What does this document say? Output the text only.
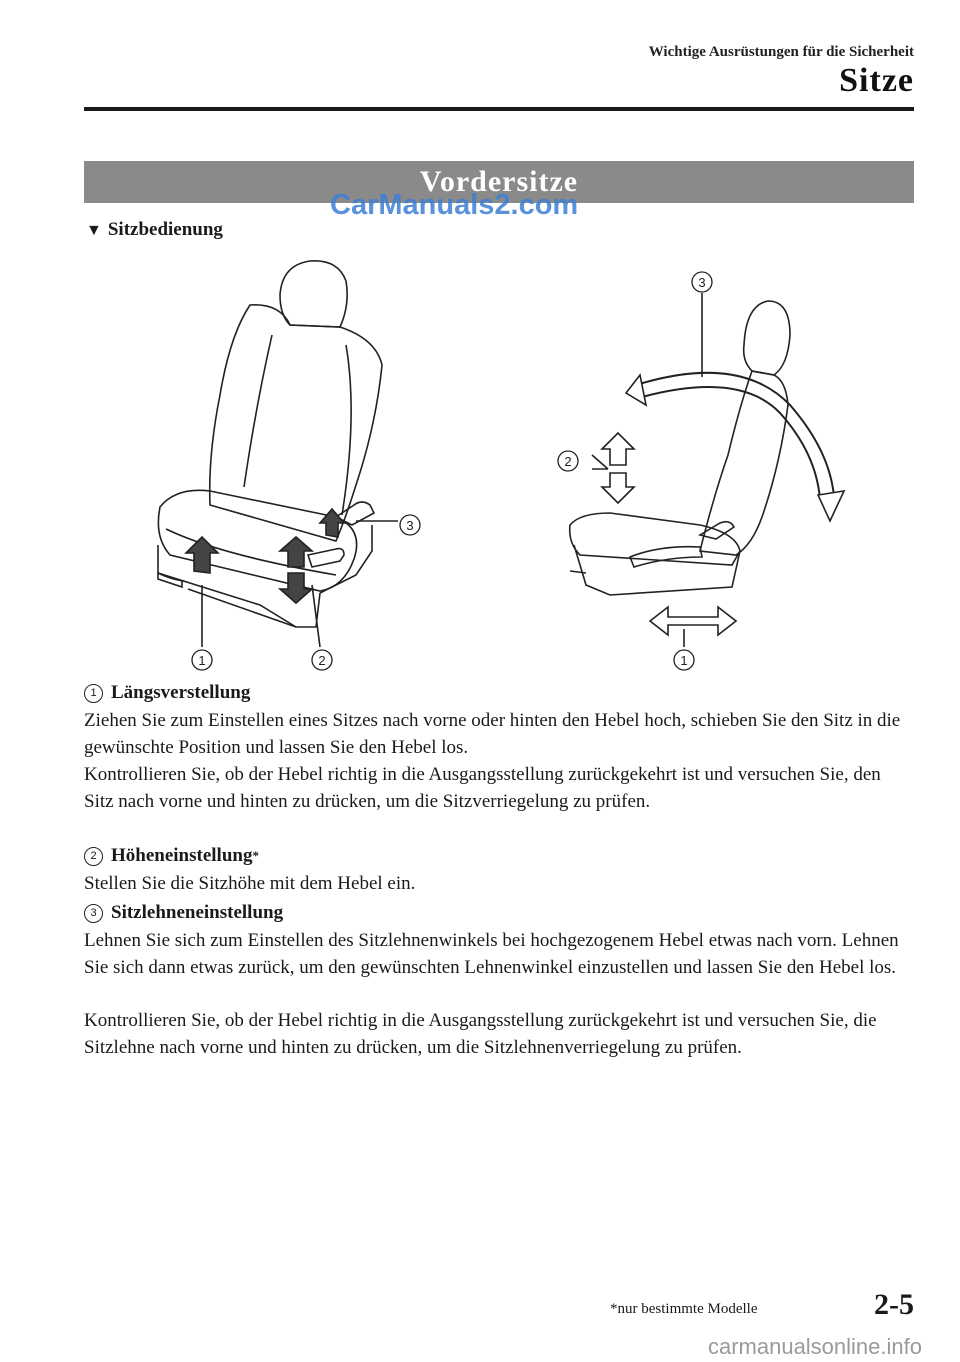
Wichtige Ausrüstungen für die Sicherheit
Sitze
Vordersitze
CarManuals2.com
▼ Sitzbedienung
1	2
3
1
2
3
1 Längsverstellung
Ziehen Sie zum Einstellen eines Sitzes nach vorne oder hinten den Hebel hoch, schieben Sie den Sitz in die gewünschte Position und lassen Sie den Hebel los.
Kontrollieren Sie, ob der Hebel richtig in die Ausgangsstellung zurückgekehrt ist und versuchen Sie, den Sitz nach vorne und hinten zu drücken, um die Sitzverriegelung zu prüfen.
2 Höheneinstellung *
Stellen Sie die Sitzhöhe mit dem Hebel ein.
3 Sitzlehneneinstellung
Lehnen Sie sich zum Einstellen des Sitzlehnenwinkels bei hochgezogenem Hebel etwas nach vorn. Lehnen Sie sich dann etwas zurück, um den gewünschten Lehnenwinkel einzustellen und lassen Sie den Hebel los.
Kontrollieren Sie, ob der Hebel richtig in die Ausgangsstellung zurückgekehrt ist und versuchen Sie, die Sitzlehne nach vorne und hinten zu drücken, um die Sitzlehnenverriegelung zu prüfen.
*nur bestimmte Modelle	2-5
carmanualsonline.info
